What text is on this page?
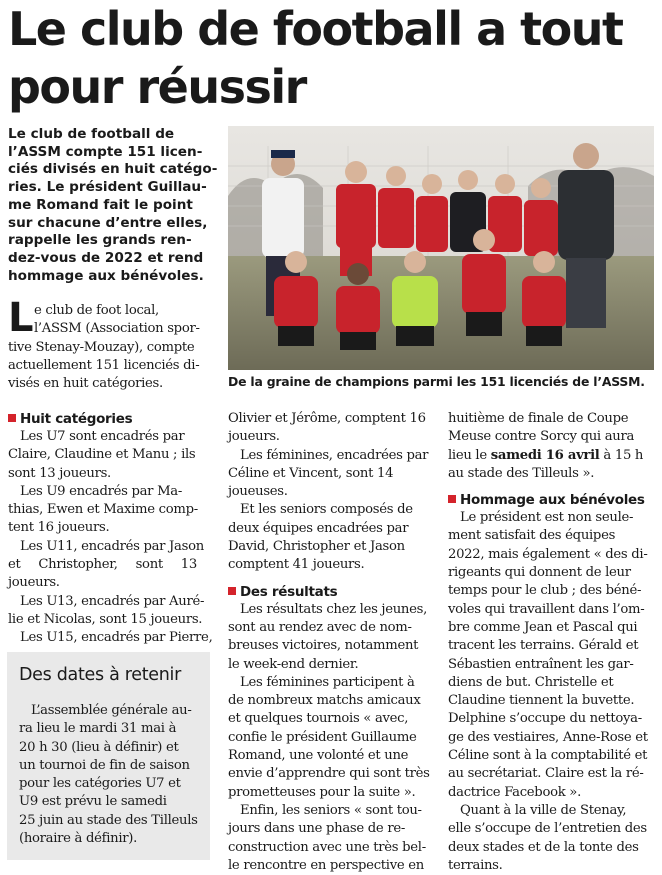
Le club de football a tout
pour réussir
Le club de football de
l’ASSM compte 151 licen-
ciés divisés en huit catégo-
ries. Le président Guillau-
me Romand fait le point
sur chacune d’entre elles,
rappelle les grands ren-
dez-vous de 2022 et rend
hommage aux bénévoles.
De la graine de champions parmi les 151 licenciés de l’ASSM.
L e club de foot local,
l’ASSM (Association spor-
tive Stenay-Mouzay), compte
actuellement 151 licenciés di-
visés en huit catégories.
Huit catégories
Les U7 sont encadrés par
Claire, Claudine et Manu ; ils
sont 13 joueurs.
Les U9 encadrés par Ma-
thias, Ewen et Maxime comp-
tent 16 joueurs.
Les U11, encadrés par Jason
et Christopher, sont 13
joueurs.
Les U13, encadrés par Auré-
lie et Nicolas, sont 15 joueurs.
Les U15, encadrés par Pierre,
Des dates à retenir
L’assemblée générale au-
ra lieu le mardi 31 mai à
20 h 30 (lieu à définir) et
un tournoi de fin de saison
pour les catégories U7 et
U9 est prévu le samedi
25 juin au stade des Tilleuls
(horaire à définir).
Olivier et Jérôme, comptent 16
joueurs.
Les féminines, encadrées par
Céline et Vincent, sont 14
joueuses.
Et les seniors composés de
deux équipes encadrées par
David, Christopher et Jason
comptent 41 joueurs.
Des résultats
Les résultats chez les jeunes,
sont au rendez avec de nom-
breuses victoires, notamment
le week-end dernier.
Les féminines participent à
de nombreux matchs amicaux
et quelques tournois « avec,
confie le président Guillaume
Romand, une volonté et une
envie d’apprendre qui sont très
prometteuses pour la suite ».
Enfin, les seniors « sont tou-
jours dans une phase de re-
construction avec une très bel-
le rencontre en perspective en
huitième de finale de Coupe
Meuse contre Sorcy qui aura
lieu le samedi 16 avril à 15 h
au stade des Tilleuls ».
Hommage aux bénévoles
Le président est non seule-
ment satisfait des équipes
2022, mais également « des di-
rigeants qui donnent de leur
temps pour le club ; des béné-
voles qui travaillent dans l’om-
bre comme Jean et Pascal qui
tracent les terrains. Gérald et
Sébastien entraînent les gar-
diens de but. Christelle et
Claudine tiennent la buvette.
Delphine s’occupe du nettoya-
ge des vestiaires, Anne-Rose et
Céline sont à la comptabilité et
au secrétariat. Claire est la ré-
dactrice Facebook ».
Quant à la ville de Stenay,
elle s’occupe de l’entretien des
deux stades et de la tonte des
terrains.
